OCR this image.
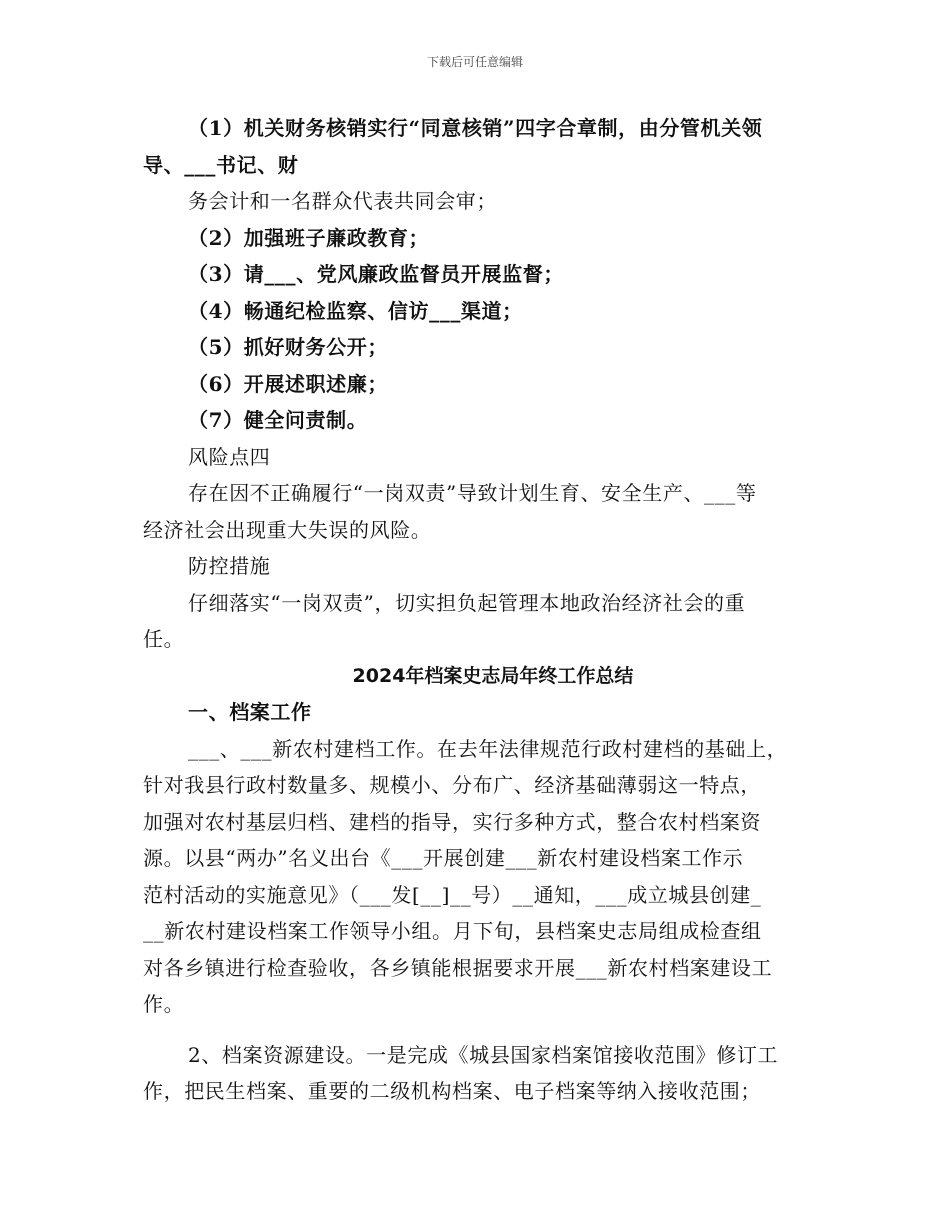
下载后可任意编辑
（1）机关财务核销实行“同意核销”四字合章制，由分管机关领
导、___书记、财
务会计和一名群众代表共同会审；
（2）加强班子廉政教育；
（3）请___、党风廉政监督员开展监督；
（4）畅通纪检监察、信访___渠道；
（5）抓好财务公开；
（6）开展述职述廉；
（7）健全问责制。
风险点四
存在因不正确履行“一岗双责”导致计划生育、安全生产、___等
经济社会出现重大失误的风险。
防控措施
仔细落实“一岗双责”，切实担负起管理本地政治经济社会的重
任。
2024年档案史志局年终工作总结
一、档案工作
___、___新农村建档工作。在去年法律规范行政村建档的基础上，
针对我县行政村数量多、规模小、分布广、经济基础薄弱这一特点，
加强对农村基层归档、建档的指导，实行多种方式，整合农村档案资
源。以县“两办”名义出台《___开展创建___新农村建设档案工作示
范村活动的实施意见》（___发[__]__号）__通知，___成立城县创建_
__新农村建设档案工作领导小组。月下旬，县档案史志局组成检查组
对各乡镇进行检查验收，各乡镇能根据要求开展___新农村档案建设工
作。
2、档案资源建设。一是完成《城县国家档案馆接收范围》修订工
作，把民生档案、重要的二级机构档案、电子档案等纳入接收范围；
